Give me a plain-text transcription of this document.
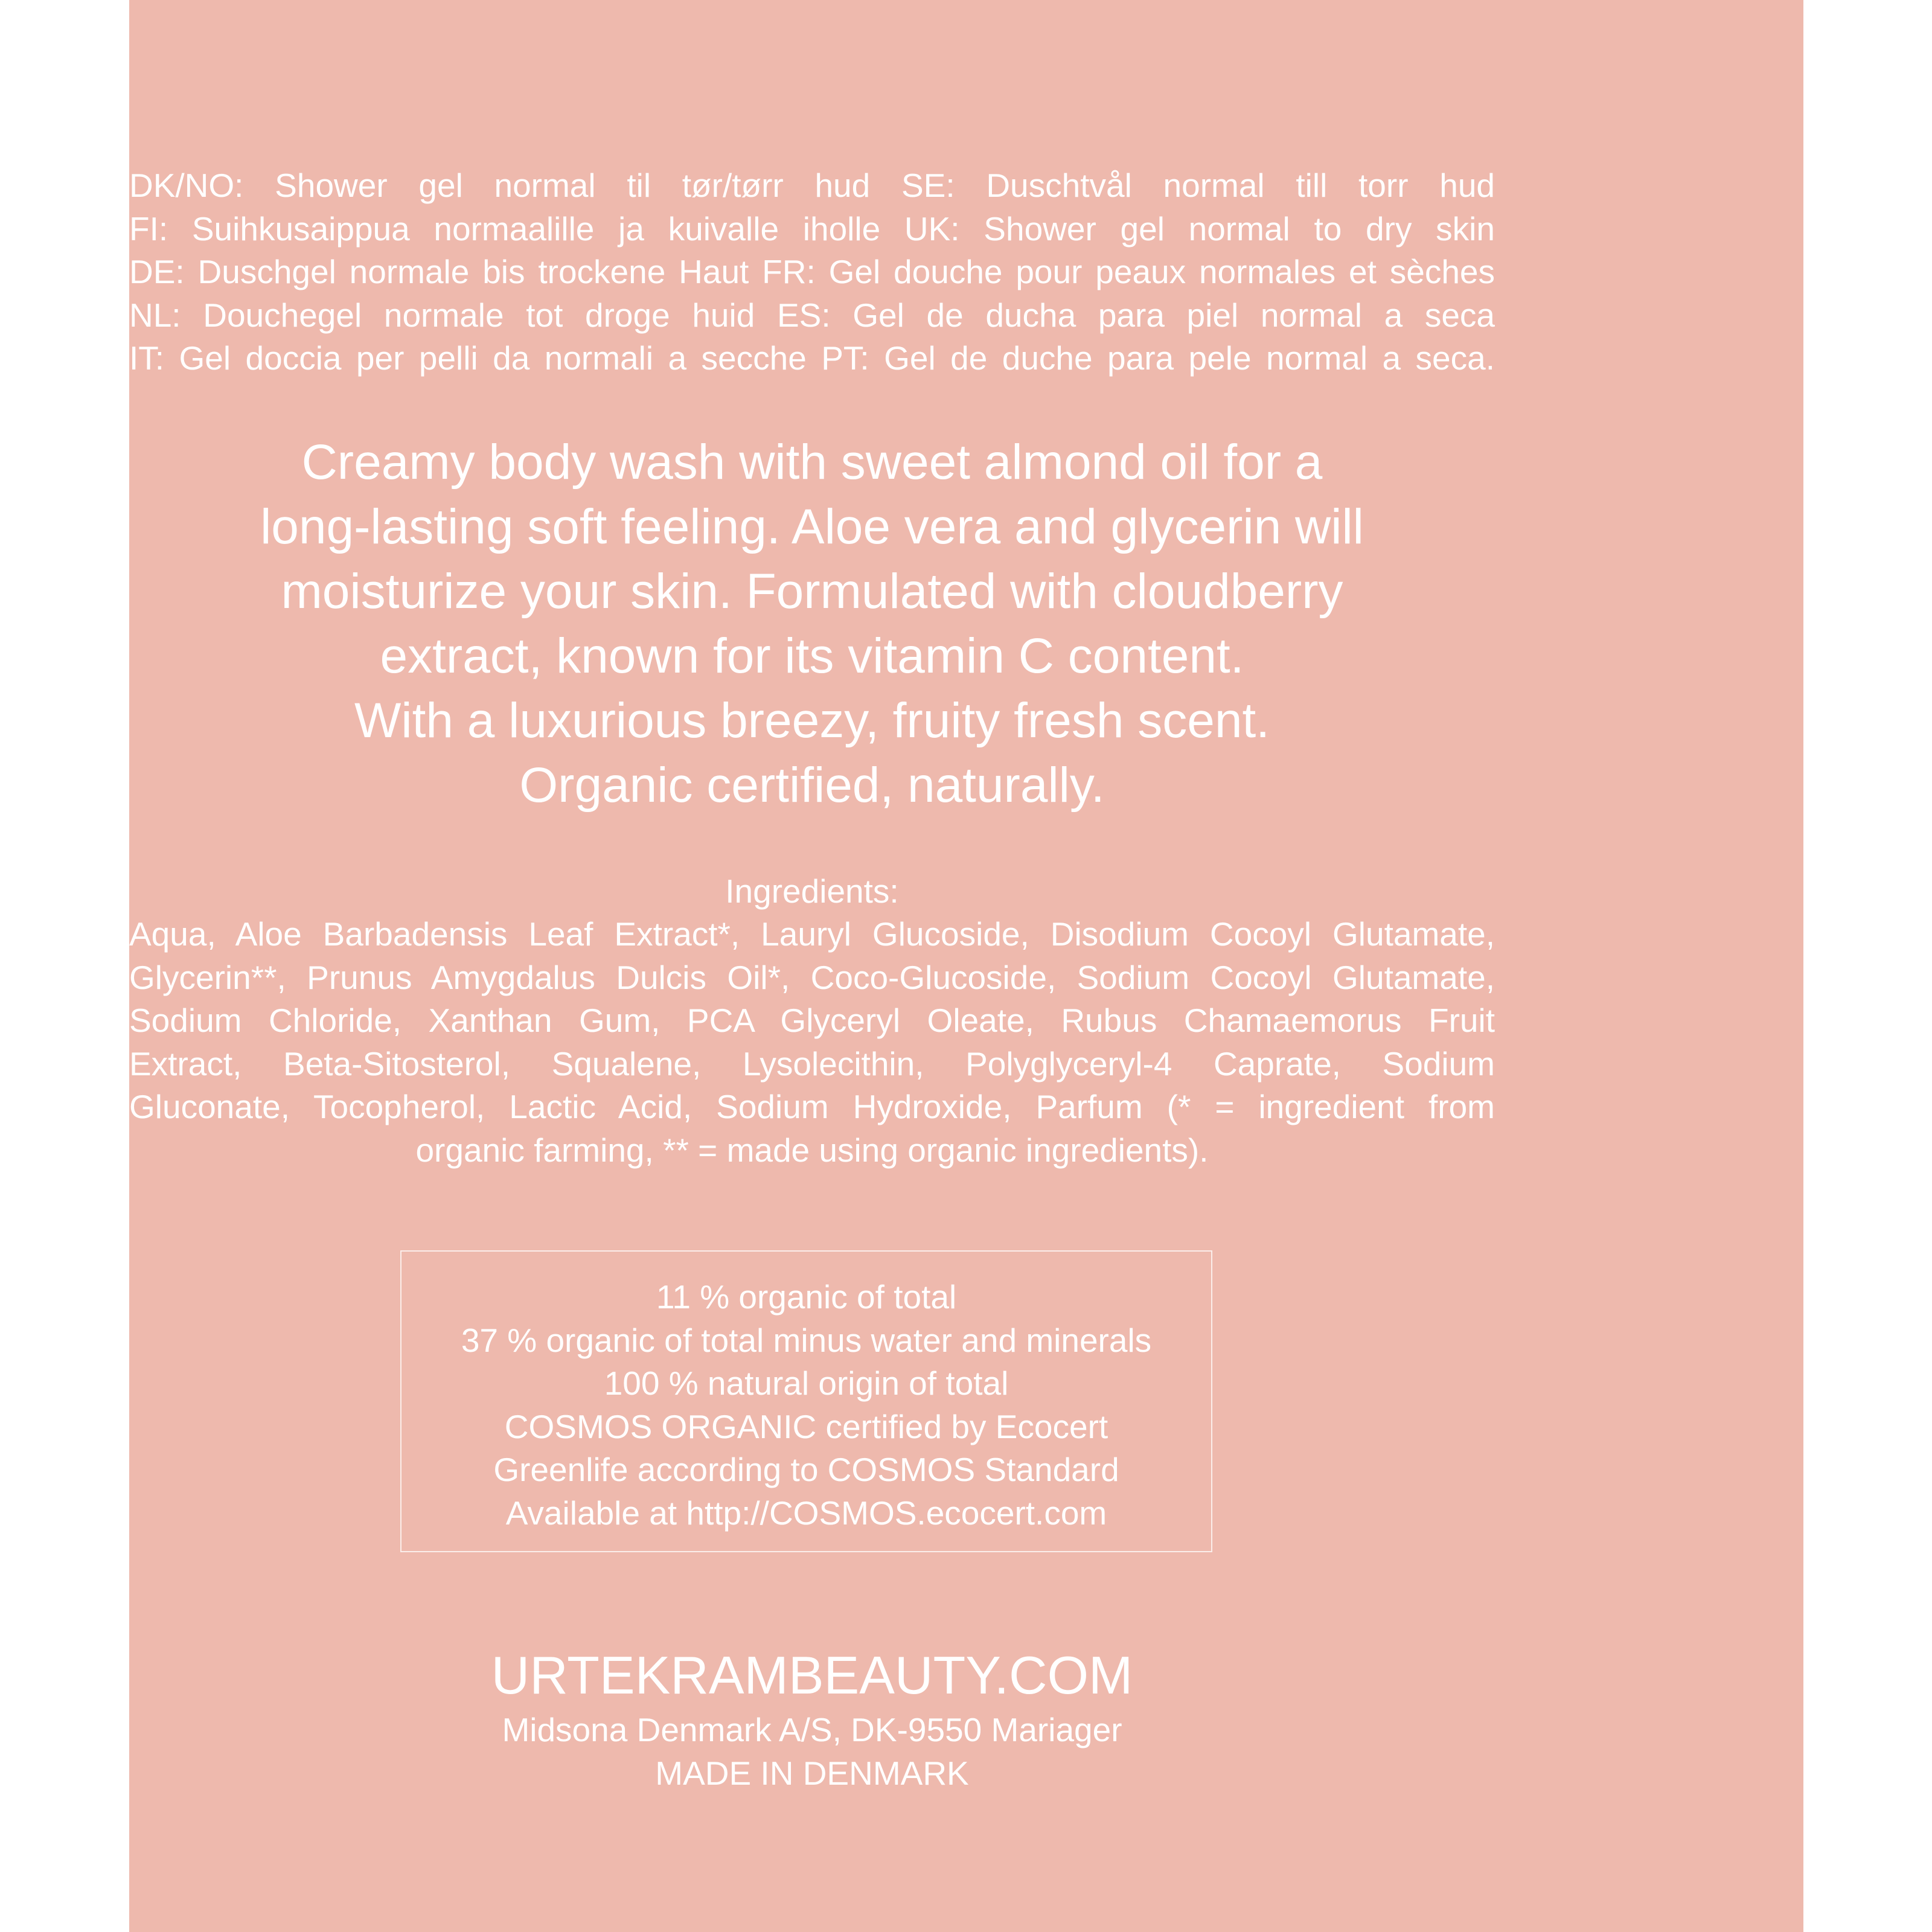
DK/NO: Shower gel normal til tør/tørr hud SE: Duschtvål normal till torr hud
FI: Suihkusaippua normaalille ja kuivalle iholle UK: Shower gel normal to dry skin
DE: Duschgel normale bis trockene Haut FR: Gel douche pour peaux normales et sèches
NL: Douchegel normale tot droge huid ES: Gel de ducha para piel normal a seca
IT: Gel doccia per pelli da normali a secche PT: Gel de duche para pele normal a seca.
Creamy body wash with sweet almond oil for a
long-lasting soft feeling. Aloe vera and glycerin will
moisturize your skin. Formulated with cloudberry
extract, known for its vitamin C content.
With a luxurious breezy, fruity fresh scent.
Organic certified, naturally.
Ingredients:
Aqua, Aloe Barbadensis Leaf Extract*, Lauryl Glucoside, Disodium Cocoyl Glutamate,
Glycerin**, Prunus Amygdalus Dulcis Oil*, Coco-Glucoside, Sodium Cocoyl Glutamate,
Sodium Chloride, Xanthan Gum, PCA Glyceryl Oleate, Rubus Chamaemorus Fruit
Extract, Beta-Sitosterol, Squalene, Lysolecithin, Polyglyceryl-4 Caprate, Sodium
Gluconate, Tocopherol, Lactic Acid, Sodium Hydroxide, Parfum (* = ingredient from
organic farming, ** = made using organic ingredients).
11 % organic of total
37 % organic of total minus water and minerals
100 % natural origin of total
COSMOS ORGANIC certified by Ecocert
Greenlife according to COSMOS Standard
Available at http://COSMOS.ecocert.com
URTEKRAMBEAUTY.COM
Midsona Denmark A/S, DK-9550 Mariager
MADE IN DENMARK
